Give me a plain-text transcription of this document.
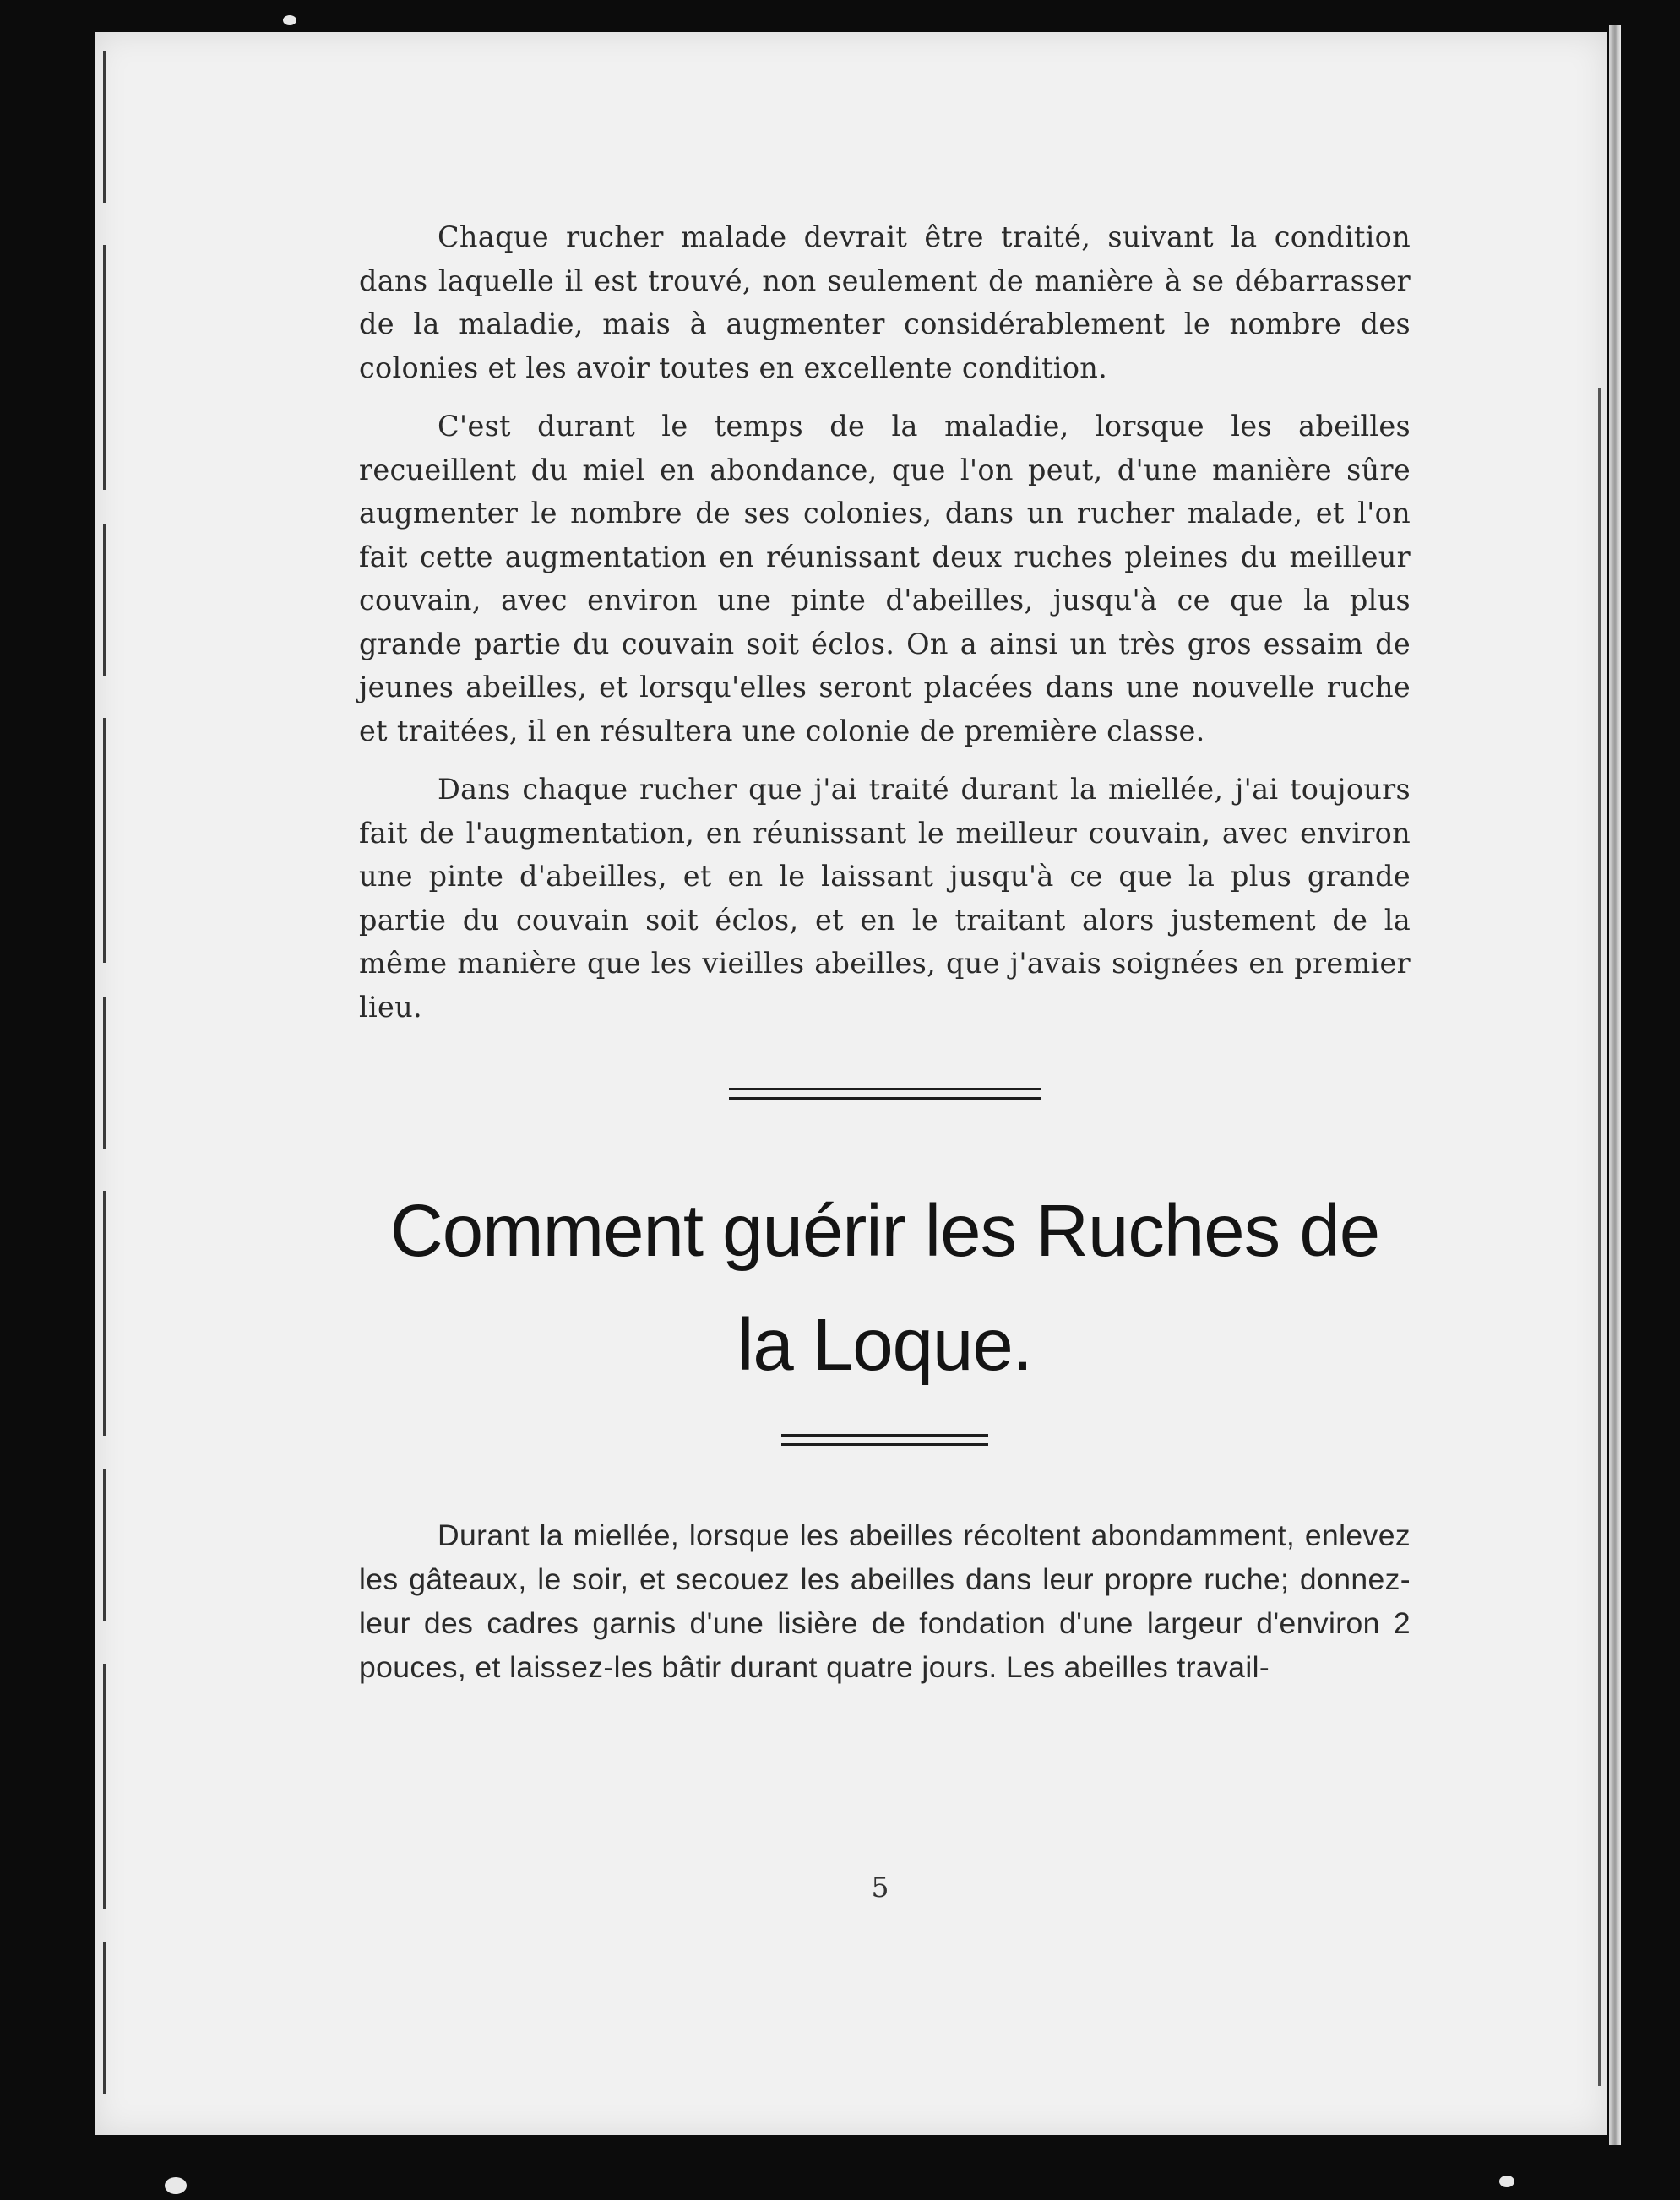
Chaque rucher malade devrait être traité, suivant la condition dans laquelle il est trouvé, non seulement de manière à se débarrasser de la maladie, mais à augmenter considérablement le nombre des colonies et les avoir toutes en excellente condition.

C'est durant le temps de la maladie, lorsque les abeilles recueillent du miel en abondance, que l'on peut, d'une manière sûre augmenter le nombre de ses colonies, dans un rucher malade, et l'on fait cette augmentation en réunissant deux ruches pleines du meilleur couvain, avec environ une pinte d'abeilles, jusqu'à ce que la plus grande partie du couvain soit éclos. On a ainsi un très gros essaim de jeunes abeilles, et lorsqu'elles seront placées dans une nouvelle ruche et traitées, il en résultera une colonie de première classe.

Dans chaque rucher que j'ai traité durant la miellée, j'ai toujours fait de l'augmentation, en réunissant le meilleur couvain, avec environ une pinte d'abeilles, et en le laissant jusqu'à ce que la plus grande partie du couvain soit éclos, et en le traitant alors justement de la même manière que les vieilles abeilles, que j'avais soignées en premier lieu.

Comment guérir les Ruches de
la Loque.

Durant la miellée, lorsque les abeilles récoltent abondamment, enlevez les gâteaux, le soir, et secouez les abeilles dans leur propre ruche; donnez-leur des cadres garnis d'une lisière de fondation d'une largeur d'environ 2 pouces, et laissez-les bâtir durant quatre jours. Les abeilles travail-

5
